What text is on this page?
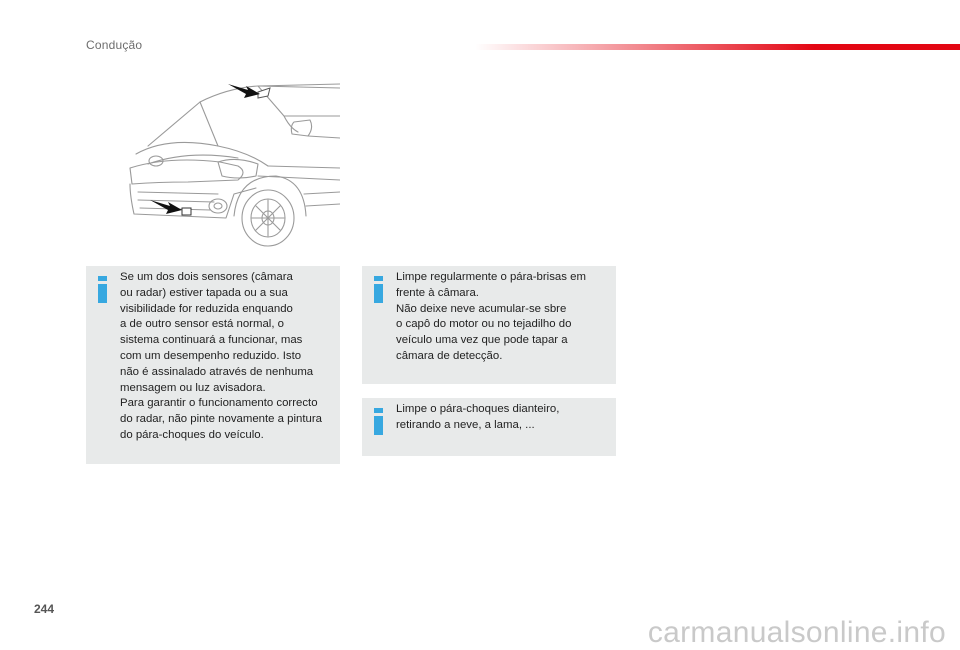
Condução

Se um dos dois sensores (câmara
ou radar) estiver tapada ou a sua
visibilidade for reduzida enquando
a de outro sensor está normal, o
sistema continuará a funcionar, mas
com um desempenho reduzido. Isto
não é assinalado através de nenhuma
mensagem ou luz avisadora.
Para garantir o funcionamento correcto
do radar, não pinte novamente a pintura
do pára-choques do veículo.

Limpe regularmente o pára-brisas em
frente à câmara.
Não deixe neve acumular-se sbre
o capô do motor ou no tejadilho do
veículo uma vez que pode tapar a
câmara de detecção.

Limpe o pára-choques dianteiro,
retirando a neve, a lama, ...

244
carmanualsonline.info
